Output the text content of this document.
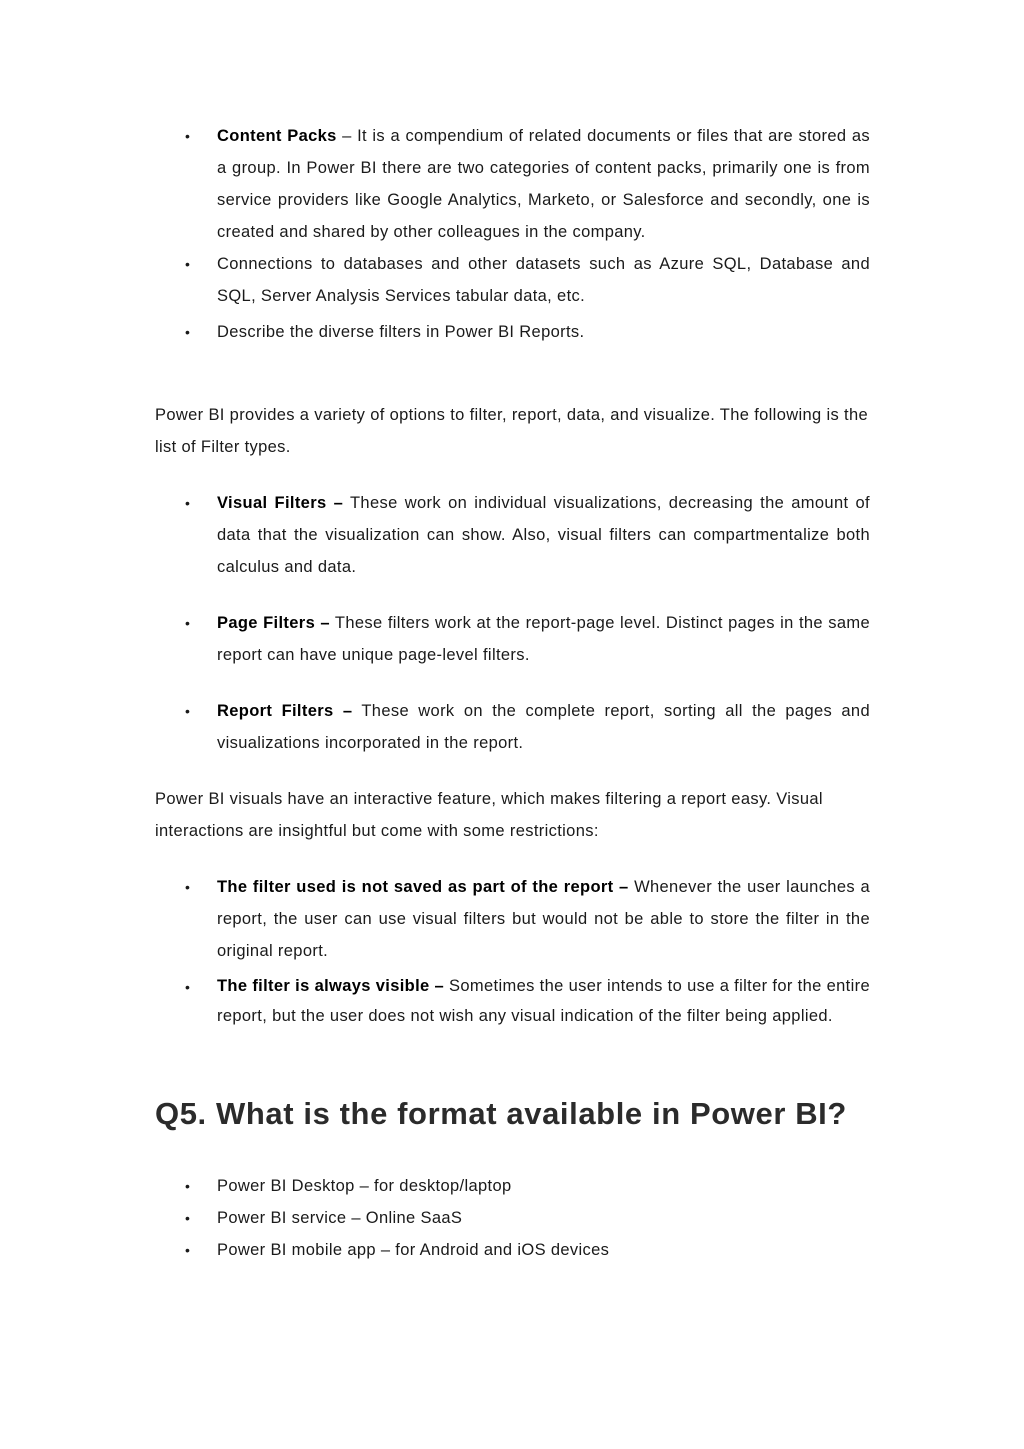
• Content Packs – It is a compendium of related documents or files that are stored as a group. In Power BI there are two categories of content packs, primarily one is from service providers like Google Analytics, Marketo, or Salesforce and secondly, one is created and shared by other colleagues in the company.
• Connections to databases and other datasets such as Azure SQL, Database and SQL, Server Analysis Services tabular data, etc.
• Describe the diverse filters in Power BI Reports.

Power BI provides a variety of options to filter, report, data, and visualize. The following is the list of Filter types.

• Visual Filters – These work on individual visualizations, decreasing the amount of data that the visualization can show. Also, visual filters can compartmentalize both calculus and data.
• Page Filters – These filters work at the report-page level. Distinct pages in the same report can have unique page-level filters.
• Report Filters – These work on the complete report, sorting all the pages and visualizations incorporated in the report.

Power BI visuals have an interactive feature, which makes filtering a report easy. Visual interactions are insightful but come with some restrictions:

• The filter used is not saved as part of the report – Whenever the user launches a report, the user can use visual filters but would not be able to store the filter in the original report.
• The filter is always visible – Sometimes the user intends to use a filter for the entire report, but the user does not wish any visual indication of the filter being applied.
Q5. What is the format available in Power BI?
• Power BI Desktop – for desktop/laptop
• Power BI service – Online SaaS
• Power BI mobile app – for Android and iOS devices
